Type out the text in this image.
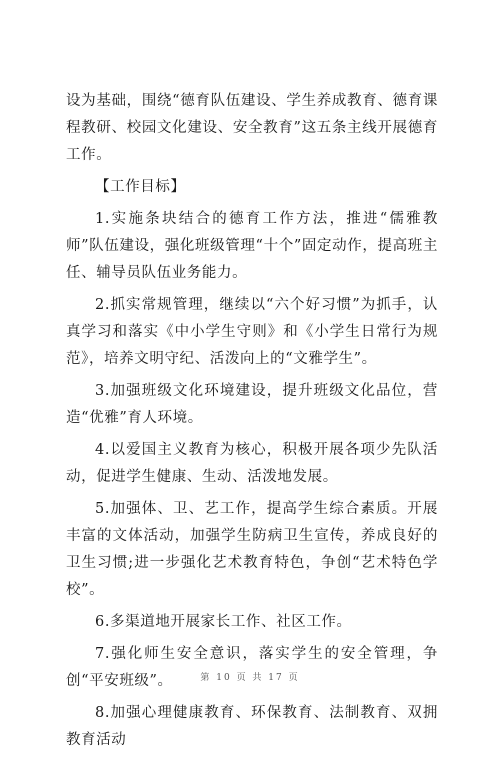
设为基础，围绕“德育队伍建设、学生养成教育、德育课程教研、校园文化建设、安全教育”这五条主线开展德育工作。

【工作目标】

1.实施条块结合的德育工作方法，推进“儒雅教师”队伍建设，强化班级管理“十个”固定动作，提高班主任、辅导员队伍业务能力。

2.抓实常规管理，继续以“六个好习惯”为抓手，认真学习和落实《中小学生守则》和《小学生日常行为规范》，培养文明守纪、活泼向上的“文雅学生”。

3.加强班级文化环境建设，提升班级文化品位，营造“优雅”育人环境。

4.以爱国主义教育为核心，积极开展各项少先队活动，促进学生健康、生动、活泼地发展。

5.加强体、卫、艺工作，提高学生综合素质。开展丰富的文体活动，加强学生防病卫生宣传，养成良好的卫生习惯;进一步强化艺术教育特色，争创“艺术特色学校”。

6.多渠道地开展家长工作、社区工作。

7.强化师生安全意识，落实学生的安全管理，争创“平安班级”。

8.加强心理健康教育、环保教育、法制教育、双拥教育活动

第 10 页 共 17 页
